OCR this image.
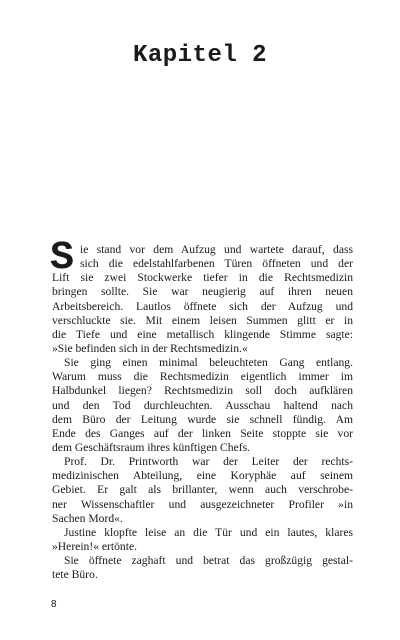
Kapitel 2
S ie stand vor dem Aufzug und wartete darauf, dass
sich die edelstahlfarbenen Türen öffneten und der
Lift sie zwei Stockwerke tiefer in die Rechtsmedizin
bringen sollte. Sie war neugierig auf ihren neuen
Arbeitsbereich. Lautlos öffnete sich der Aufzug und
verschluckte sie. Mit einem leisen Summen glitt er in
die Tiefe und eine metallisch klingende Stimme sagte:
»Sie befinden sich in der Rechtsmedizin.«
Sie ging einen minimal beleuchteten Gang entlang.
Warum muss die Rechtsmedizin eigentlich immer im
Halbdunkel liegen? Rechtsmedizin soll doch aufklären
und den Tod durchleuchten. Ausschau haltend nach
dem Büro der Leitung wurde sie schnell fündig. Am
Ende des Ganges auf der linken Seite stoppte sie vor
dem Geschäftsraum ihres künftigen Chefs.
Prof. Dr. Printworth war der Leiter der rechts-
medizinischen Abteilung, eine Koryphäe auf seinem
Gebiet. Er galt als brillanter, wenn auch verschrobe-
ner Wissenschaftler und ausgezeichneter Profiler »in
Sachen Mord«.
Justine klopfte leise an die Tür und ein lautes, klares
»Herein!« ertönte.
Sie öffnete zaghaft und betrat das großzügig gestal-
tete Büro.
8
